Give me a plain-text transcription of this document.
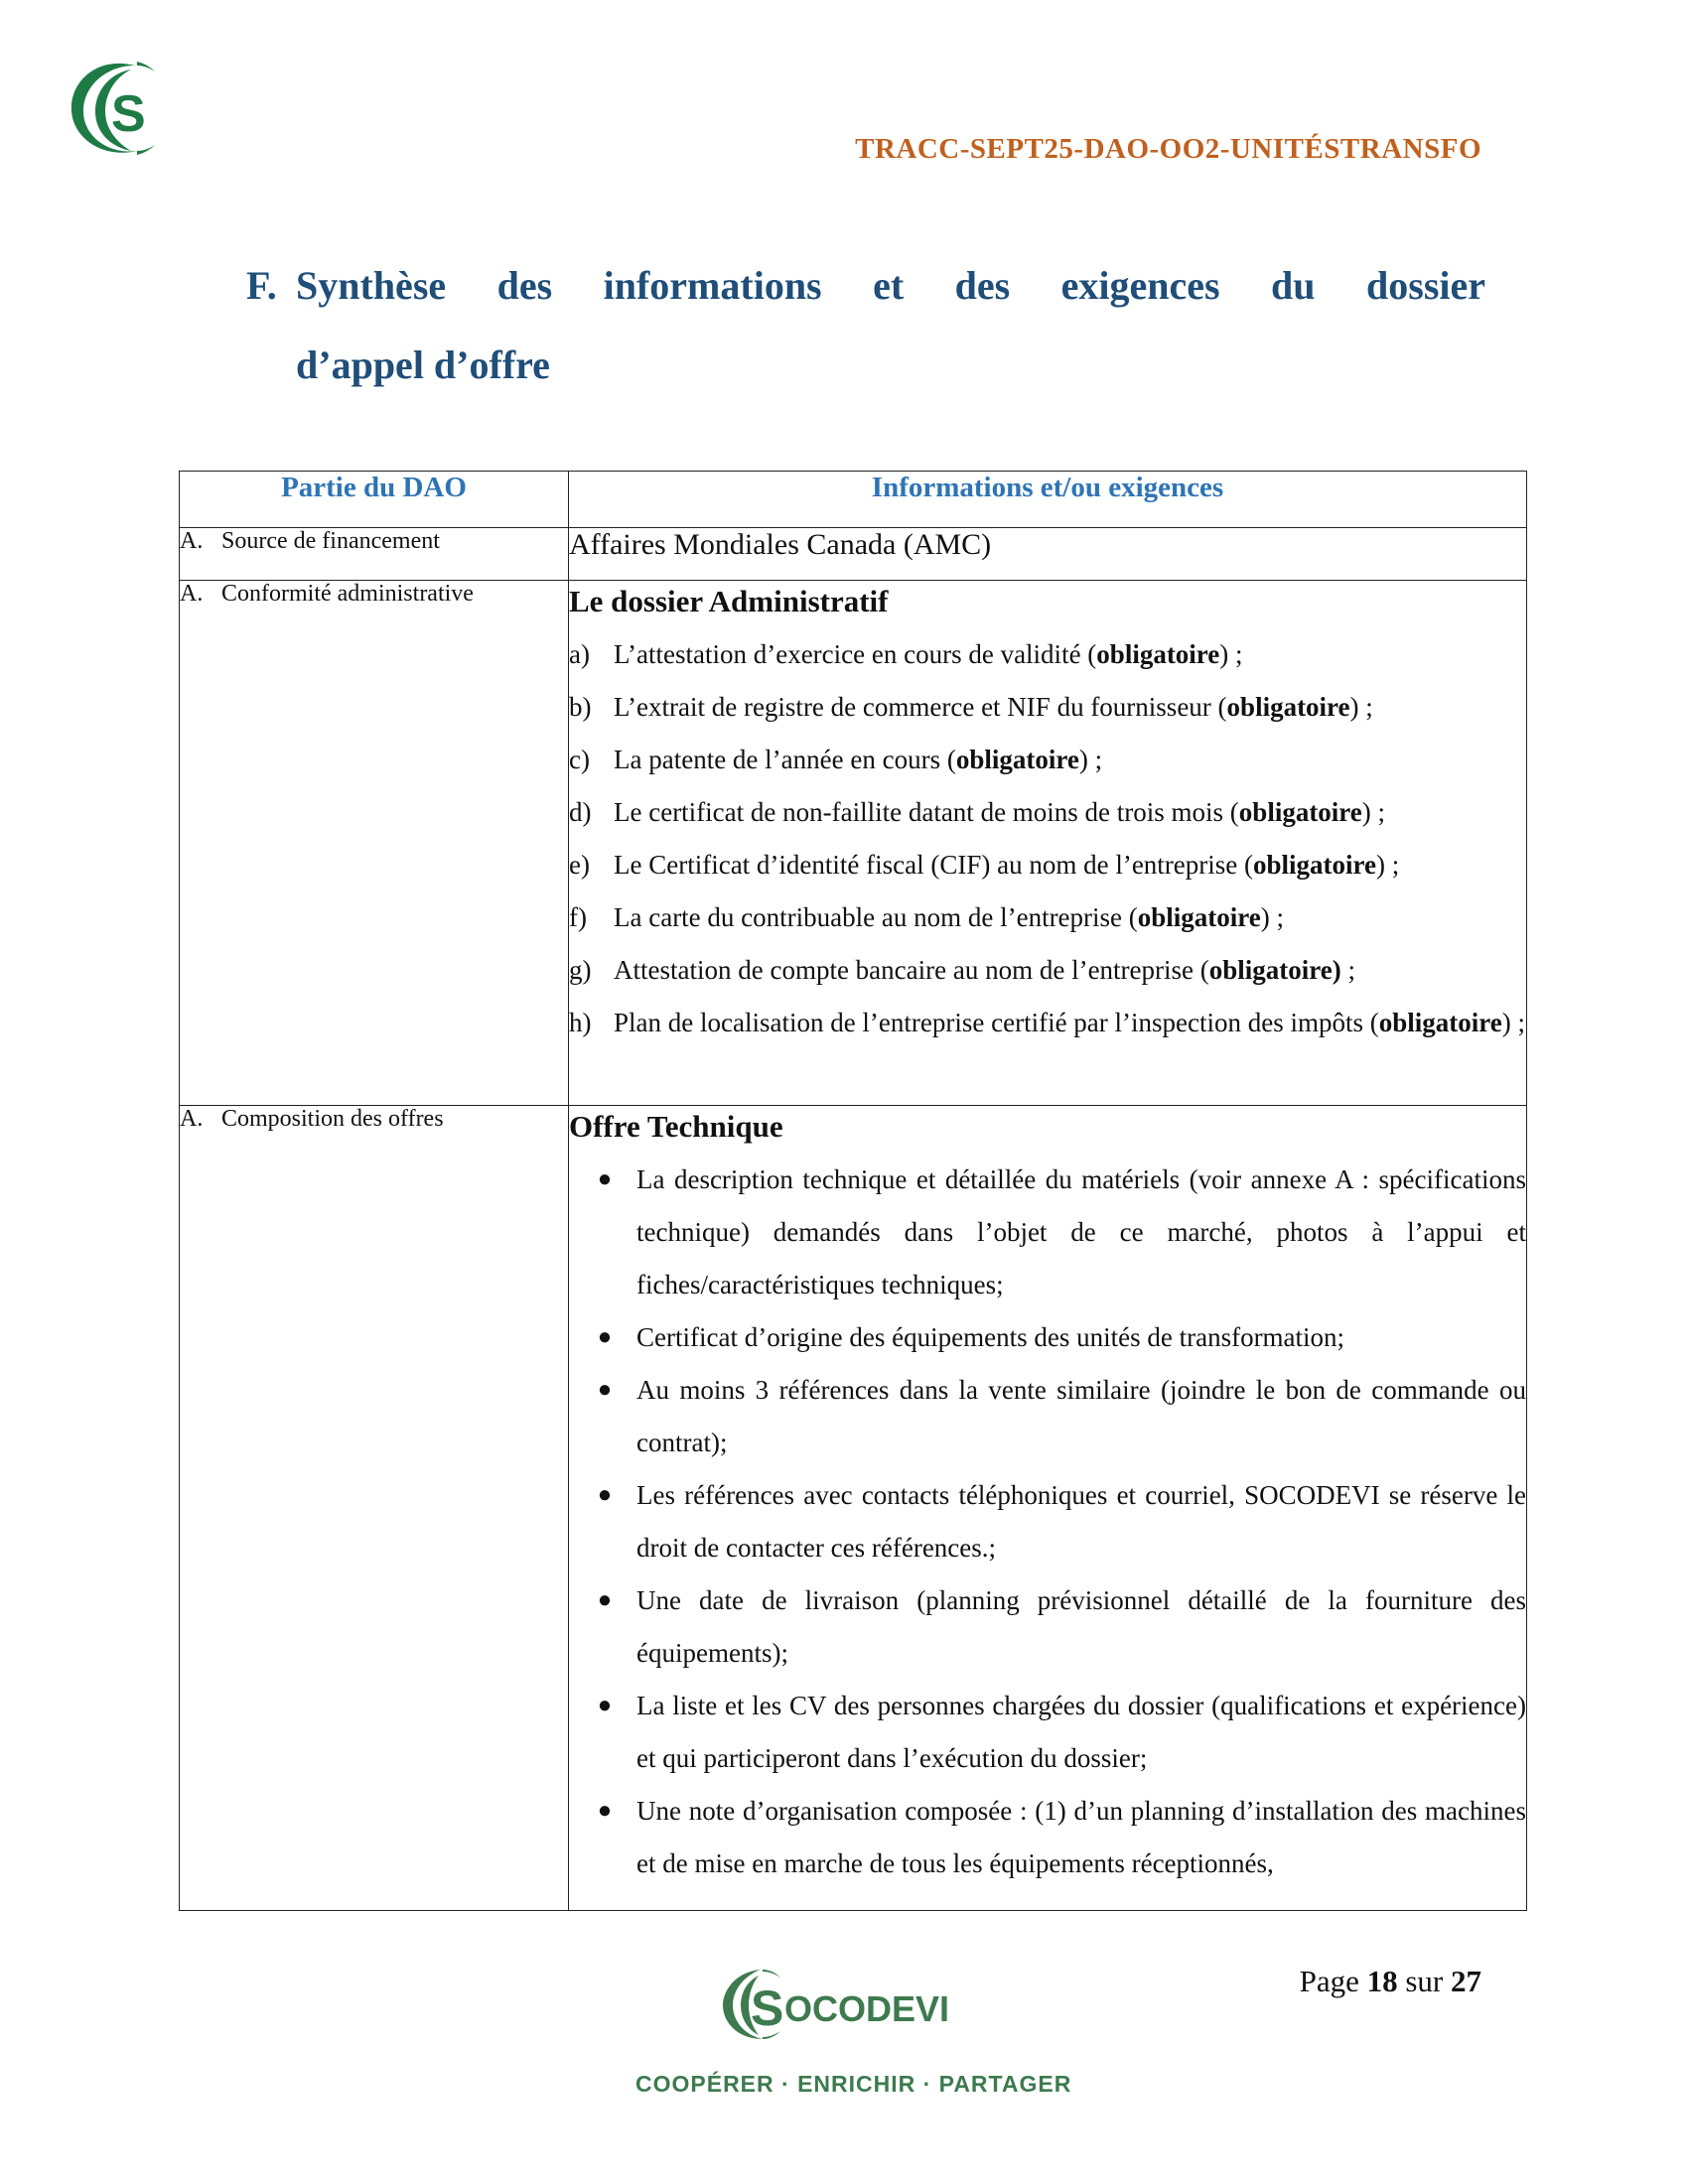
S
TRACC-SEPT25-DAO-OO2-UNITÉSTRANSFO
F. Synthèse des informations et des exigences du dossier
d’appel d’offre
Partie du DAO	Informations et/ou exigences
A. Source de financement	Affaires Mondiales Canada (AMC)

A. Conformité administrative	Le dossier Administratif
a) L’attestation d’exercice en cours de validité (obligatoire) ;
b) L’extrait de registre de commerce et NIF du fournisseur (obligatoire) ;
c) La patente de l’année en cours (obligatoire) ;
d) Le certificat de non-faillite datant de moins de trois mois (obligatoire) ;
e) Le Certificat d’identité fiscal (CIF) au nom de l’entreprise (obligatoire) ;
f)	La carte du contribuable au nom de l’entreprise (obligatoire) ;
g) Attestation de compte bancaire au nom de l’entreprise (obligatoire) ;
h) Plan de localisation de l’entreprise certifié par l’inspection des impôts (obligatoire) ;

A. Composition des offres	Offre Technique
● La description technique et détaillée du matériels (voir annexe A : spécifications technique) demandés dans l’objet de ce marché, photos à l’appui et fiches/caractéristiques techniques;
● Certificat d’origine des équipements des unités de transformation;
● Au moins 3 références dans la vente similaire (joindre le bon de commande ou contrat);
● Les références avec contacts téléphoniques et courriel, SOCODEVI se réserve le droit de contacter ces références.;
● Une date de livraison (planning prévisionnel détaillé de la fourniture des équipements);
● La liste et les CV des personnes chargées du dossier (qualifications et expérience) et qui participeront dans l’exécution du dossier;
● Une note d’organisation composée : (1) d’un planning d’installation des machines et de mise en marche de tous les équipements réceptionnés,
S OCODEVI
COOPÉRER · ENRICHIR · PARTAGER
Page 18 sur 27
